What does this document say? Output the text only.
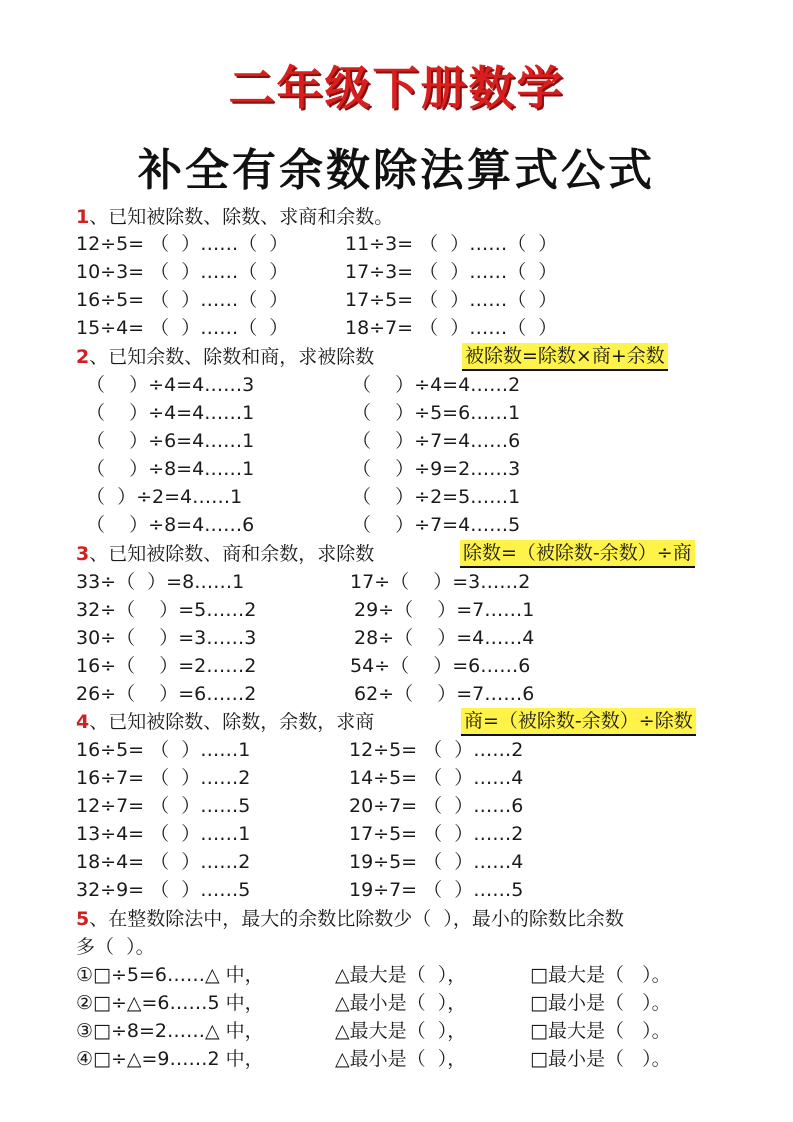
二年级下册数学
补全有余数除法算式公式
1、已知被除数、除数、求商和余数。
12÷5= （  ）……（  ）	11÷3= （  ）……（  ）
10÷3= （  ）……（  ）	17÷3= （  ）……（  ）
16÷5= （  ）……（  ）	17÷5= （  ）……（  ）
15÷4= （  ）……（  ）	18÷7= （  ）……（  ）
2、已知余数、除数和商，求被除数	被除数=除数×商+余数
（    ）÷4=4……3	（    ）÷4=4……2
（    ）÷4=4……1	（    ）÷5=6……1
（    ）÷6=4……1	（    ）÷7=4……6
（    ）÷8=4……1	（    ）÷9=2……3
（  ）÷2=4……1	（    ）÷2=5……1
（    ）÷8=4……6	（    ）÷7=4……5
3、已知被除数、商和余数，求除数	除数=（被除数-余数）÷商
33÷（  ）=8……1	17÷（    ）=3……2
32÷（    ）=5……2	29÷（    ）=7……1
30÷（    ）=3……3	28÷（    ）=4……4
16÷（    ）=2……2	54÷（    ）=6……6
26÷（    ）=6……2	62÷（    ）=7……6
4、已知被除数、除数，余数，求商	商=（被除数-余数）÷除数
16÷5= （  ）……1	12÷5= （  ）……2
16÷7= （  ）……2	14÷5= （  ）……4
12÷7= （  ）……5	20÷7= （  ）……6
13÷4= （  ）……1	17÷5= （  ）……2
18÷4= （  ）……2	19÷5= （  ）……4
32÷9= （  ）……5	19÷7= （  ）……5
5、在整数除法中，最大的余数比除数少（  ），最小的除数比余数
多（  ）。
①□÷5=6……△ 中，	△最大是（  ），	□最大是（   ）。
②□÷△=6……5 中，	△最小是（  ），	□最小是（   ）。
③□÷8=2……△ 中，	△最大是（  ），	□最大是（   ）。
④□÷△=9……2 中，	△最小是（  ），	□最小是（   ）。
